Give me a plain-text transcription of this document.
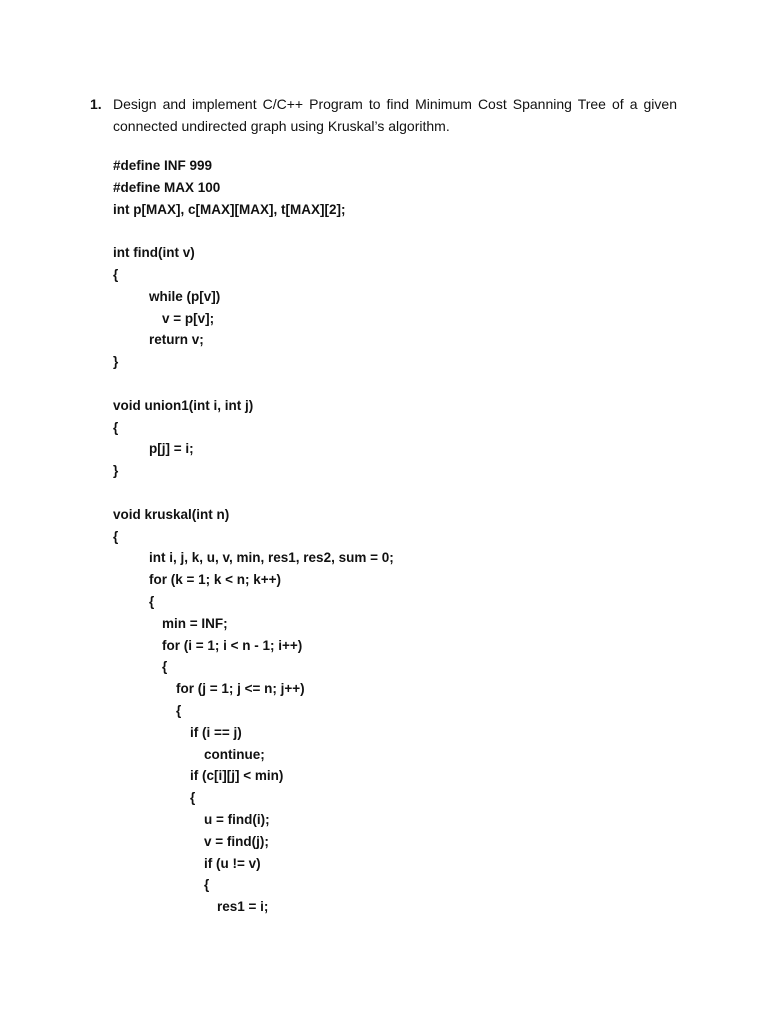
1. Design and implement C/C++ Program to find Minimum Cost Spanning Tree of a given
connected undirected graph using Kruskal’s algorithm.
#define INF 999
#define MAX 100
int p[MAX], c[MAX][MAX], t[MAX][2];
int find(int v)
{
while (p[v])
v = p[v];
return v;
}
void union1(int i, int j)
{
p[j] = i;
}
void kruskal(int n)
{
int i, j, k, u, v, min, res1, res2, sum = 0;
for (k = 1; k < n; k++)
{
min = INF;
for (i = 1; i < n - 1; i++)
{
for (j = 1; j <= n; j++)
{
if (i == j)
continue;
if (c[i][j] < min)
{
u = find(i);
v = find(j);
if (u != v)
{
res1 = i;
